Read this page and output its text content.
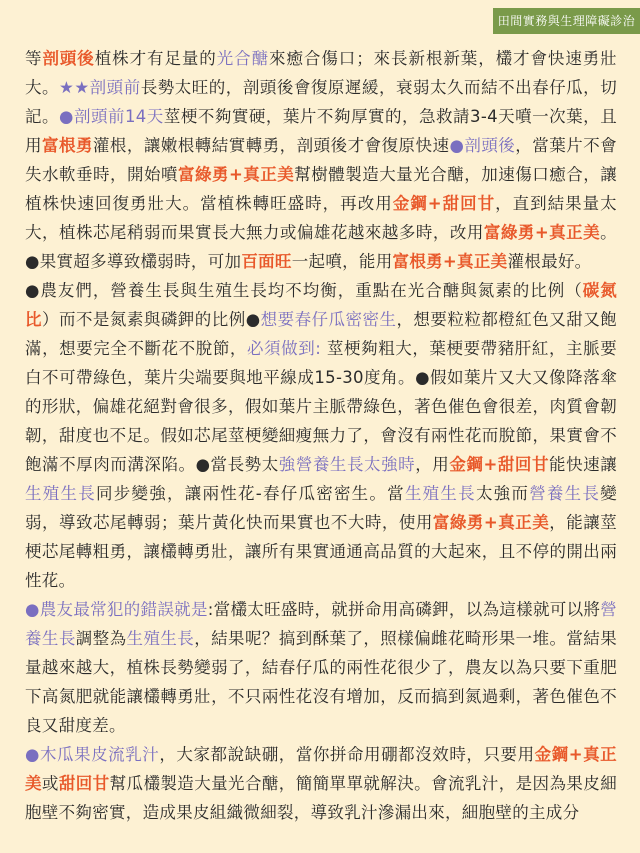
田間實務與生理障礙診治

等剖頭後植株才有足量的光合醣來癒合傷口；來長新根新葉，欉才會快速勇壯大。★★剖頭前長勢太旺的，剖頭後會復原遲緩，衰弱太久而結不出春仔瓜，切記。●剖頭前14天莖梗不夠實硬，葉片不夠厚實的，急救請3-4天噴一次葉，且用富根勇灌根，讓嫩根轉結實轉勇，剖頭後才會復原快速●剖頭後，當葉片不會失水軟垂時，開始噴富綠勇+真正美幫樹體製造大量光合醣，加速傷口癒合，讓植株快速回復勇壯大。當植株轉旺盛時，再改用金鋼+甜回甘，直到結果量太大，植株芯尾稍弱而果實長大無力或偏雄花越來越多時，改用富綠勇+真正美。●果實超多導致欉弱時，可加百面旺一起噴，能用富根勇+真正美灌根最好。

●農友們，營養生長與生殖生長均不均衡，重點在光合醣與氮素的比例（碳氮比）而不是氮素與磷鉀的比例●想要春仔瓜密密生，想要粒粒都橙紅色又甜又飽滿，想要完全不斷花不脫節，必須做到: 莖梗夠粗大，葉梗要帶豬肝紅，主脈要白不可帶綠色，葉片尖端要與地平線成15-30度角。●假如葉片又大又像降落傘的形狀，偏雄花絕對會很多，假如葉片主脈帶綠色，著色催色會很差，肉質會韌韌，甜度也不足。假如芯尾莖梗變細瘦無力了，會沒有兩性花而脫節，果實會不飽滿不厚肉而溝深陷。●當長勢太強營養生長太強時，用金鋼+甜回甘能快速讓生殖生長同步變強，讓兩性花-春仔瓜密密生。當生殖生長太強而營養生長變弱，導致芯尾轉弱；葉片黃化快而果實也不大時，使用富綠勇+真正美，能讓莖梗芯尾轉粗勇，讓欉轉勇壯，讓所有果實通通高品質的大起來，且不停的開出兩性花。

●農友最常犯的錯誤就是:當欉太旺盛時，就拼命用高磷鉀，以為這樣就可以將營養生長調整為生殖生長，結果呢？搞到酥葉了，照樣偏雌花畸形果一堆。當結果量越來越大，植株長勢變弱了，結春仔瓜的兩性花很少了，農友以為只要下重肥下高氮肥就能讓欉轉勇壯，不只兩性花沒有增加，反而搞到氮過剩，著色催色不良又甜度差。

●木瓜果皮流乳汁，大家都說缺硼，當你拼命用硼都沒效時，只要用金鋼+真正美或甜回甘幫瓜欉製造大量光合醣，簡簡單單就解決。會流乳汁，是因為果皮細胞壁不夠密實，造成果皮組織微細裂，導致乳汁滲漏出來，細胞壁的主成分
